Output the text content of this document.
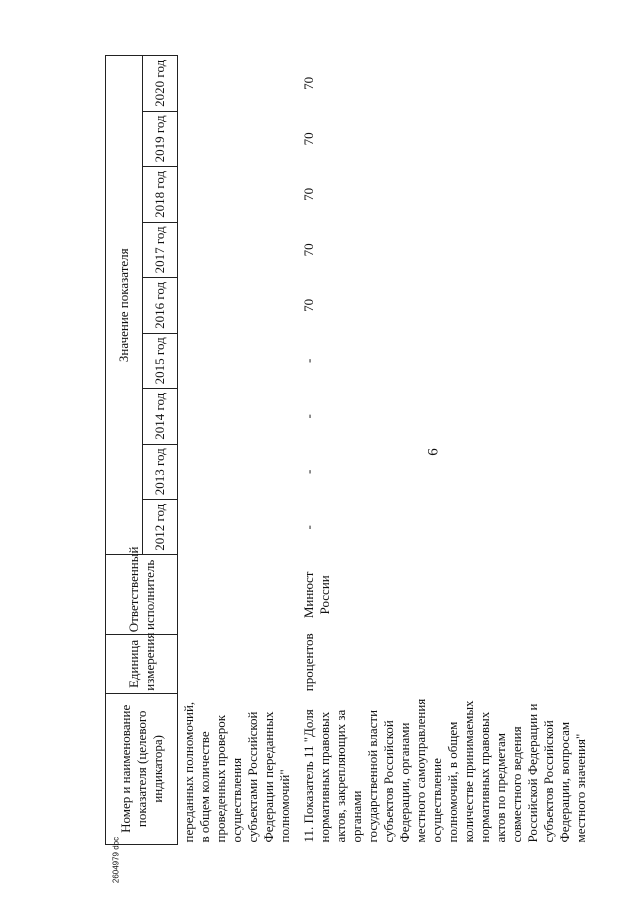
6
Номер и наименование показателя (целевого индикатора)	Единица измерения	Ответственный исполнитель	Значение показателя								
			2012 год	2013 год	2014 год	2015 год	2016 год	2017 год	2018 год	2019 год	2020 год
переданных полномочий, в общем количестве проведенных проверок осуществления субъектами Российской Федерации переданных полномочий"											
11. Показатель 11 "Доля нормативных правовых актов, закрепляющих за органами государственной власти субъектов Российской Федерации, органами местного самоуправления осуществление полномочий, в общем количестве принимаемых нормативных правовых актов по предметам совместного ведения Российской Федерации и субъектов Российской Федерации, вопросам местного значения"	процентов	Минюст России	-	-	-	-	70	70	70	70	70
2604979 doc
